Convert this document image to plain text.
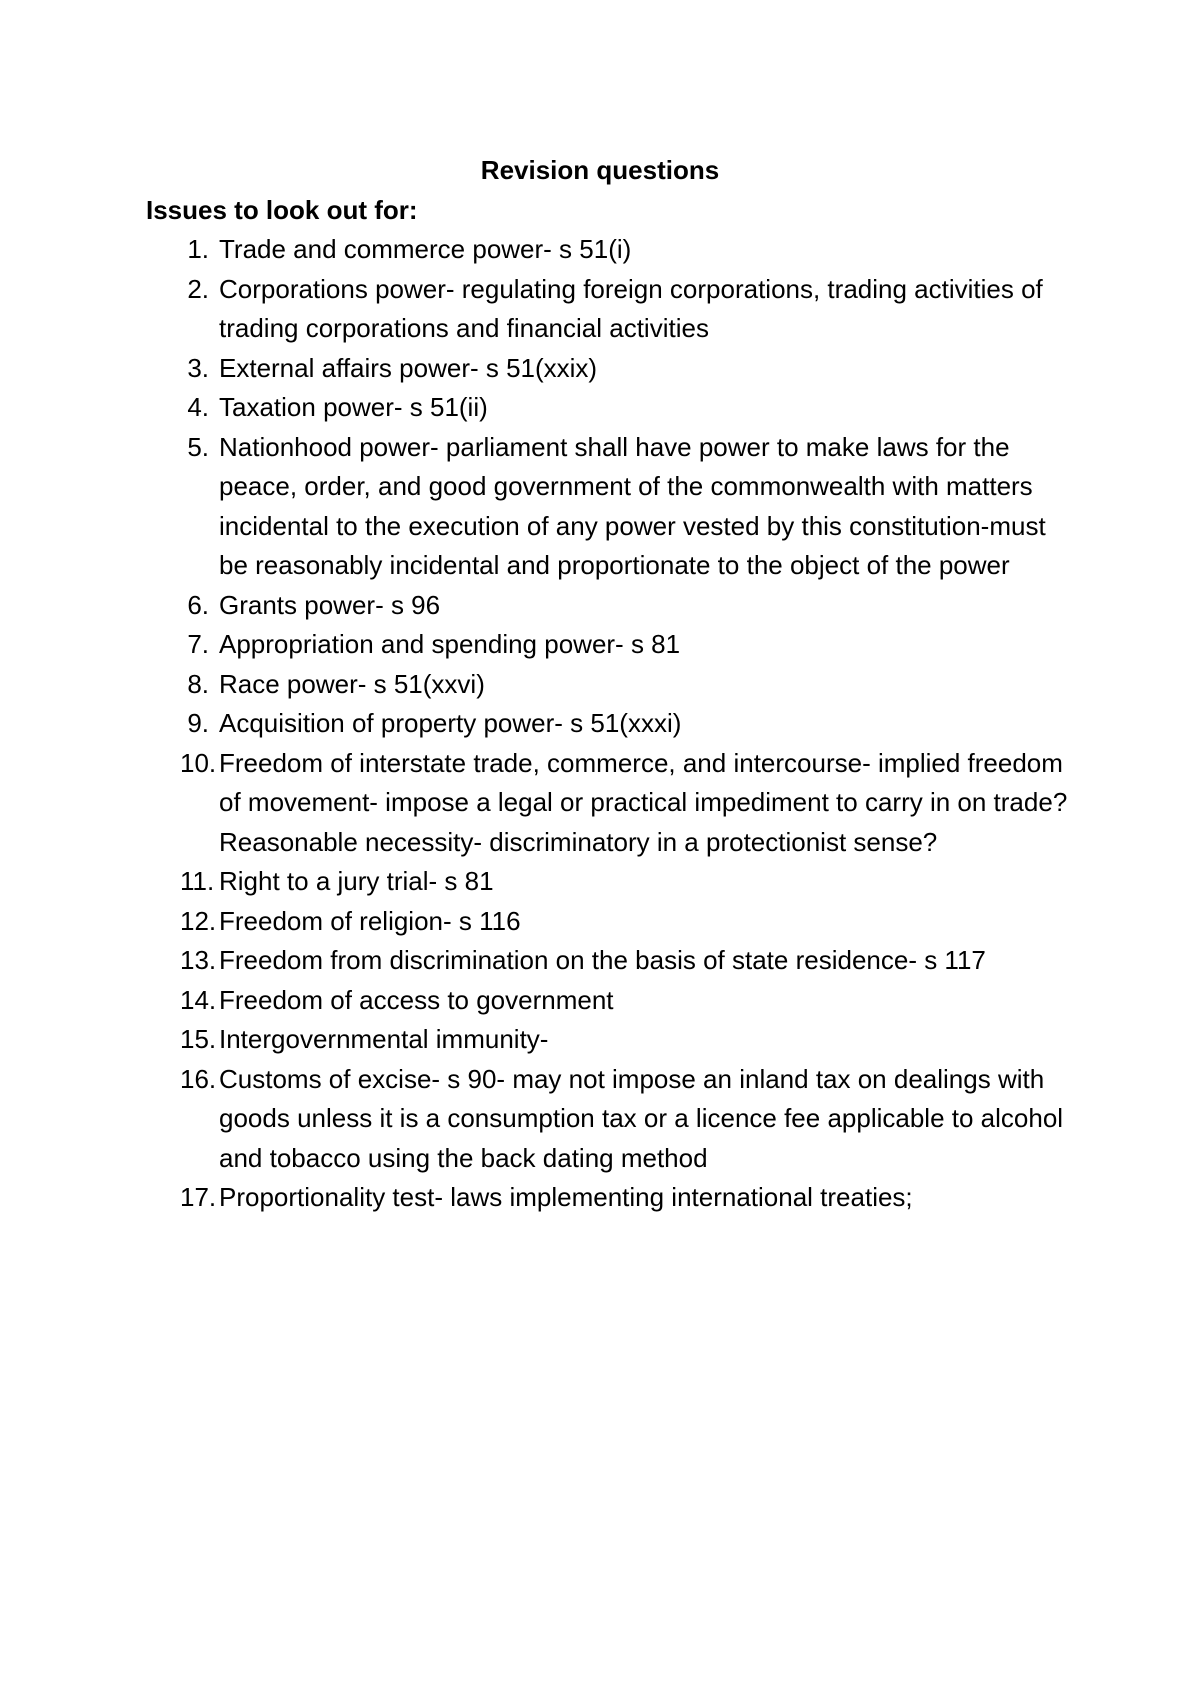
Revision questions
Issues to look out for:
1. Trade and commerce power- s 51(i)
2. Corporations power- regulating foreign corporations, trading activities of trading corporations and financial activities
3. External affairs power- s 51(xxix)
4. Taxation power- s 51(ii)
5. Nationhood power- parliament shall have power to make laws for the peace, order, and good government of the commonwealth with matters incidental to the execution of any power vested by this constitution-must be reasonably incidental and proportionate to the object of the power
6. Grants power- s 96
7. Appropriation and spending power- s 81
8. Race power- s 51(xxvi)
9. Acquisition of property power- s 51(xxxi)
10. Freedom of interstate trade, commerce, and intercourse- implied freedom of movement- impose a legal or practical impediment to carry in on trade? Reasonable necessity- discriminatory in a protectionist sense?
11. Right to a jury trial- s 81
12. Freedom of religion- s 116
13. Freedom from discrimination on the basis of state residence- s 117
14. Freedom of access to government
15. Intergovernmental immunity-
16. Customs of excise- s 90- may not impose an inland tax on dealings with goods unless it is a consumption tax or a licence fee applicable to alcohol and tobacco using the back dating method
17. Proportionality test- laws implementing international treaties;
